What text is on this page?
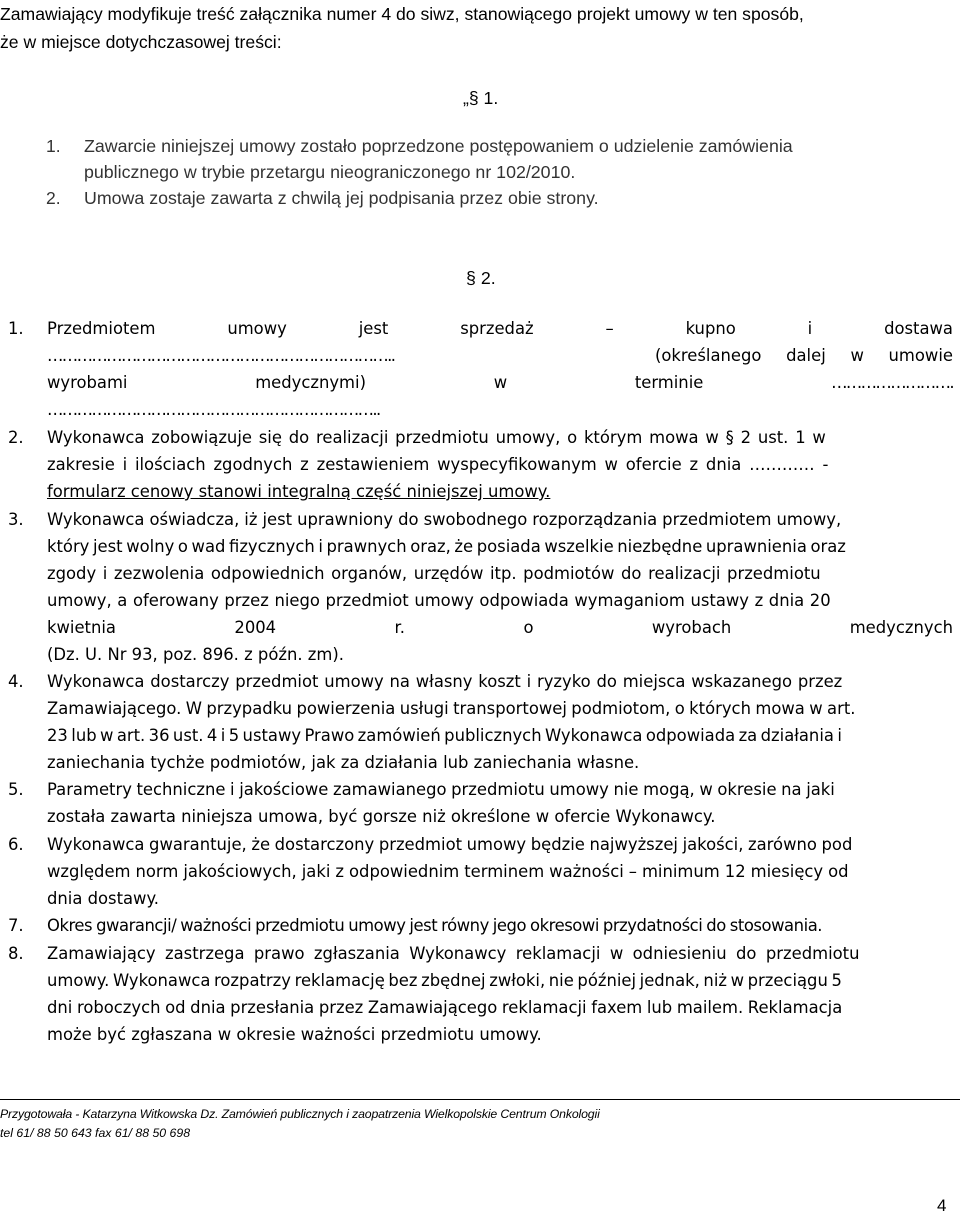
Zamawiający modyfikuje treść załącznika numer 4 do siwz, stanowiącego projekt umowy w ten sposób,
że w miejsce dotychczasowej treści:
„§ 1.
1. Zawarcie niniejszej umowy zostało poprzedzone postępowaniem o udzielenie zamówienia
publicznego w trybie przetargu nieograniczonego nr 102/2010.
2. Umowa zostaje zawarta z chwilą jej podpisania przez obie strony.
§ 2.
1. Przedmiotem	umowy	jest	sprzedaż	–	kupno	i	dostawa
……………………………………………………………..	(określanego dalej w umowie
wyrobami	medycznymi)	w	terminie	…………………….
…………………………………………………………..
2. Wykonawca zobowiązuje się do realizacji przedmiotu umowy, o którym mowa w § 2 ust. 1 w
zakresie i ilościach zgodnych z zestawieniem wyspecyfikowanym w ofercie z dnia ………… -
formularz cenowy stanowi integralną część niniejszej umowy.
3. Wykonawca oświadcza, iż jest uprawniony do swobodnego rozporządzania przedmiotem umowy,
który jest wolny o wad fizycznych i prawnych oraz, że posiada wszelkie niezbędne uprawnienia oraz
zgody i zezwolenia odpowiednich organów, urzędów itp. podmiotów do realizacji przedmiotu
umowy, a oferowany przez niego przedmiot umowy odpowiada wymaganiom ustawy z dnia 20
kwietnia	2004	r.	o	wyrobach	medycznych
(Dz. U. Nr 93, poz. 896. z późn. zm).
4. Wykonawca dostarczy przedmiot umowy na własny koszt i ryzyko do miejsca wskazanego przez
Zamawiającego. W przypadku powierzenia usługi transportowej podmiotom, o których mowa w art.
23 lub w art. 36 ust. 4 i 5 ustawy Prawo zamówień publicznych Wykonawca odpowiada za działania i
zaniechania tychże podmiotów, jak za działania lub zaniechania własne.
5. Parametry techniczne i jakościowe zamawianego przedmiotu umowy nie mogą, w okresie na jaki
została zawarta niniejsza umowa, być gorsze niż określone w ofercie Wykonawcy.
6. Wykonawca gwarantuje, że dostarczony przedmiot umowy będzie najwyższej jakości, zarówno pod
względem norm jakościowych, jaki z odpowiednim terminem ważności – minimum 12 miesięcy od
dnia dostawy.
7. Okres gwarancji/ ważności przedmiotu umowy jest równy jego okresowi przydatności do stosowania.
8. Zamawiający zastrzega prawo zgłaszania Wykonawcy reklamacji w odniesieniu do przedmiotu
umowy. Wykonawca rozpatrzy reklamację bez zbędnej zwłoki, nie później jednak, niż w przeciągu 5
dni roboczych od dnia przesłania przez Zamawiającego reklamacji faxem lub mailem. Reklamacja
może być zgłaszana w okresie ważności przedmiotu umowy.
Przygotowała - Katarzyna Witkowska Dz. Zamówień publicznych i zaopatrzenia Wielkopolskie Centrum Onkologii
tel 61/ 88 50 643 fax 61/ 88 50 698
4
